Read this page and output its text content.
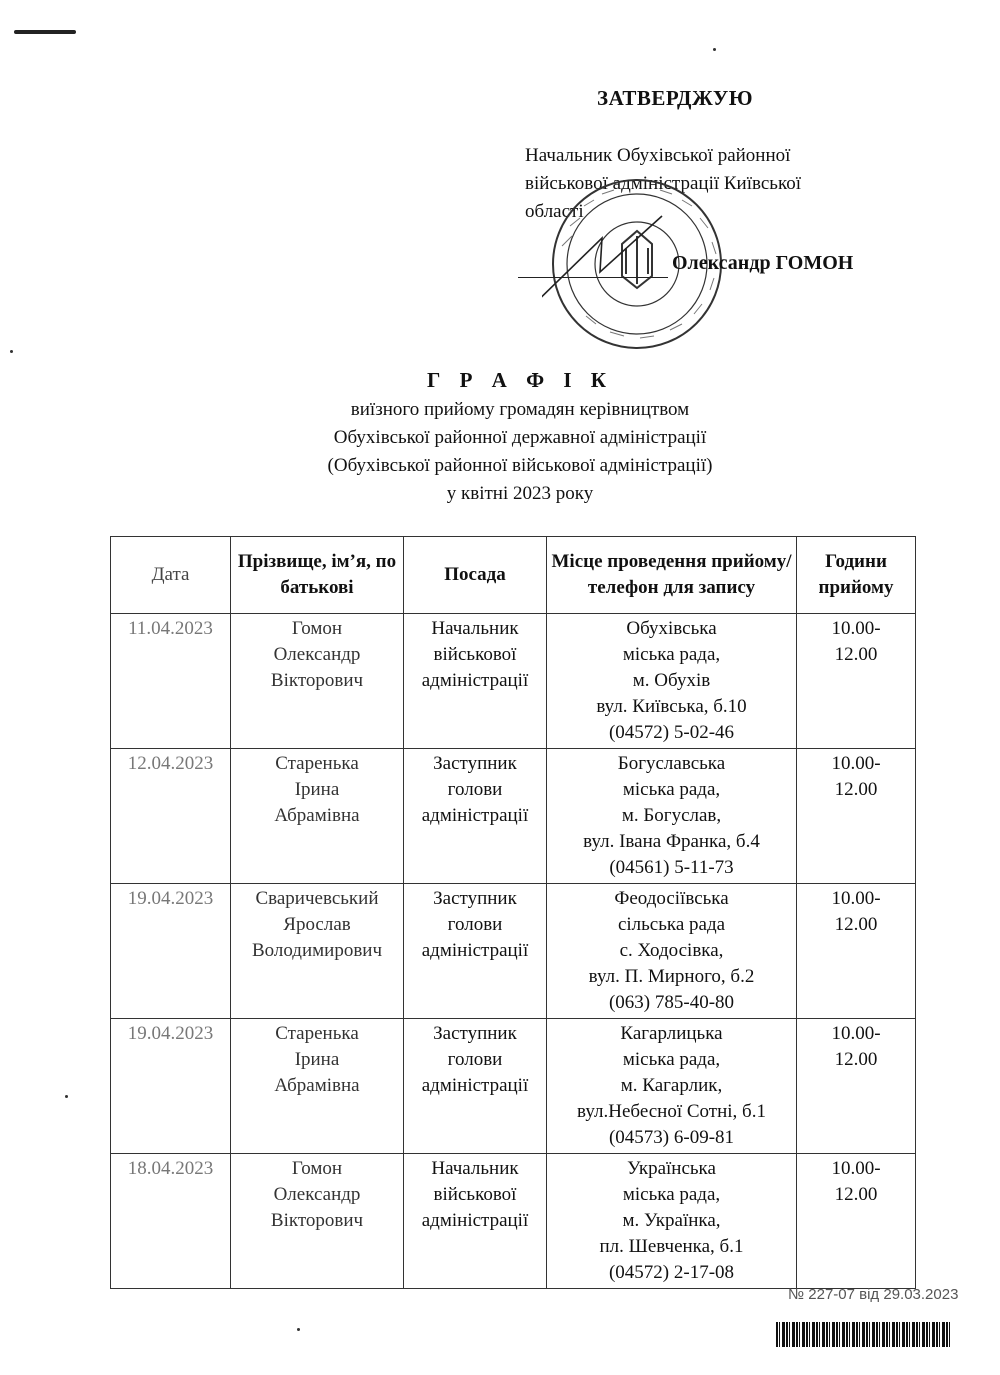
ЗАТВЕРДЖУЮ
Начальник Обухівської районної
військової адміністрації Київської
області
Олександр ГОМОН
Г Р А Ф І К
виїзного прийому громадян керівництвом
Обухівської районної державної адміністрації
(Обухівської районної військової адміністрації)
у квітні 2023 року
Дата	Прізвище, ім’я, по батькові	Посада	Місце проведення прийому/телефон для запису	Години прийому
11.04.2023	Гомон
Олександр
Вікторович	Начальник
військової
адміністрації	Обухівська
міська рада,
м. Обухів
вул. Київська, б.10
(04572) 5-02-46	10.00-
12.00

12.04.2023	Старенька
Ірина
Абрамівна	Заступник
голови
адміністрації	Богуславська
міська рада,
м. Богуслав,
вул. Івана Франка, б.4
(04561) 5-11-73	10.00-
12.00

19.04.2023	Сваричевський
Ярослав
Володимирович	Заступник
голови
адміністрації	Феодосіївська
сільська рада
с. Ходосівка,
вул. П. Мирного, б.2
(063) 785-40-80	10.00-
12.00

19.04.2023	Старенька
Ірина
Абрамівна	Заступник
голови
адміністрації	Кагарлицька
міська рада,
м. Кагарлик,
вул.Небесної Сотні, б.1
(04573) 6-09-81	10.00-
12.00

18.04.2023	Гомон
Олександр
Вікторович	Начальник
військової
адміністрації	Українська
міська рада,
м. Українка,
пл. Шевченка, б.1
(04572) 2-17-08	10.00-
12.00
№ 227-07 від 29.03.2023
